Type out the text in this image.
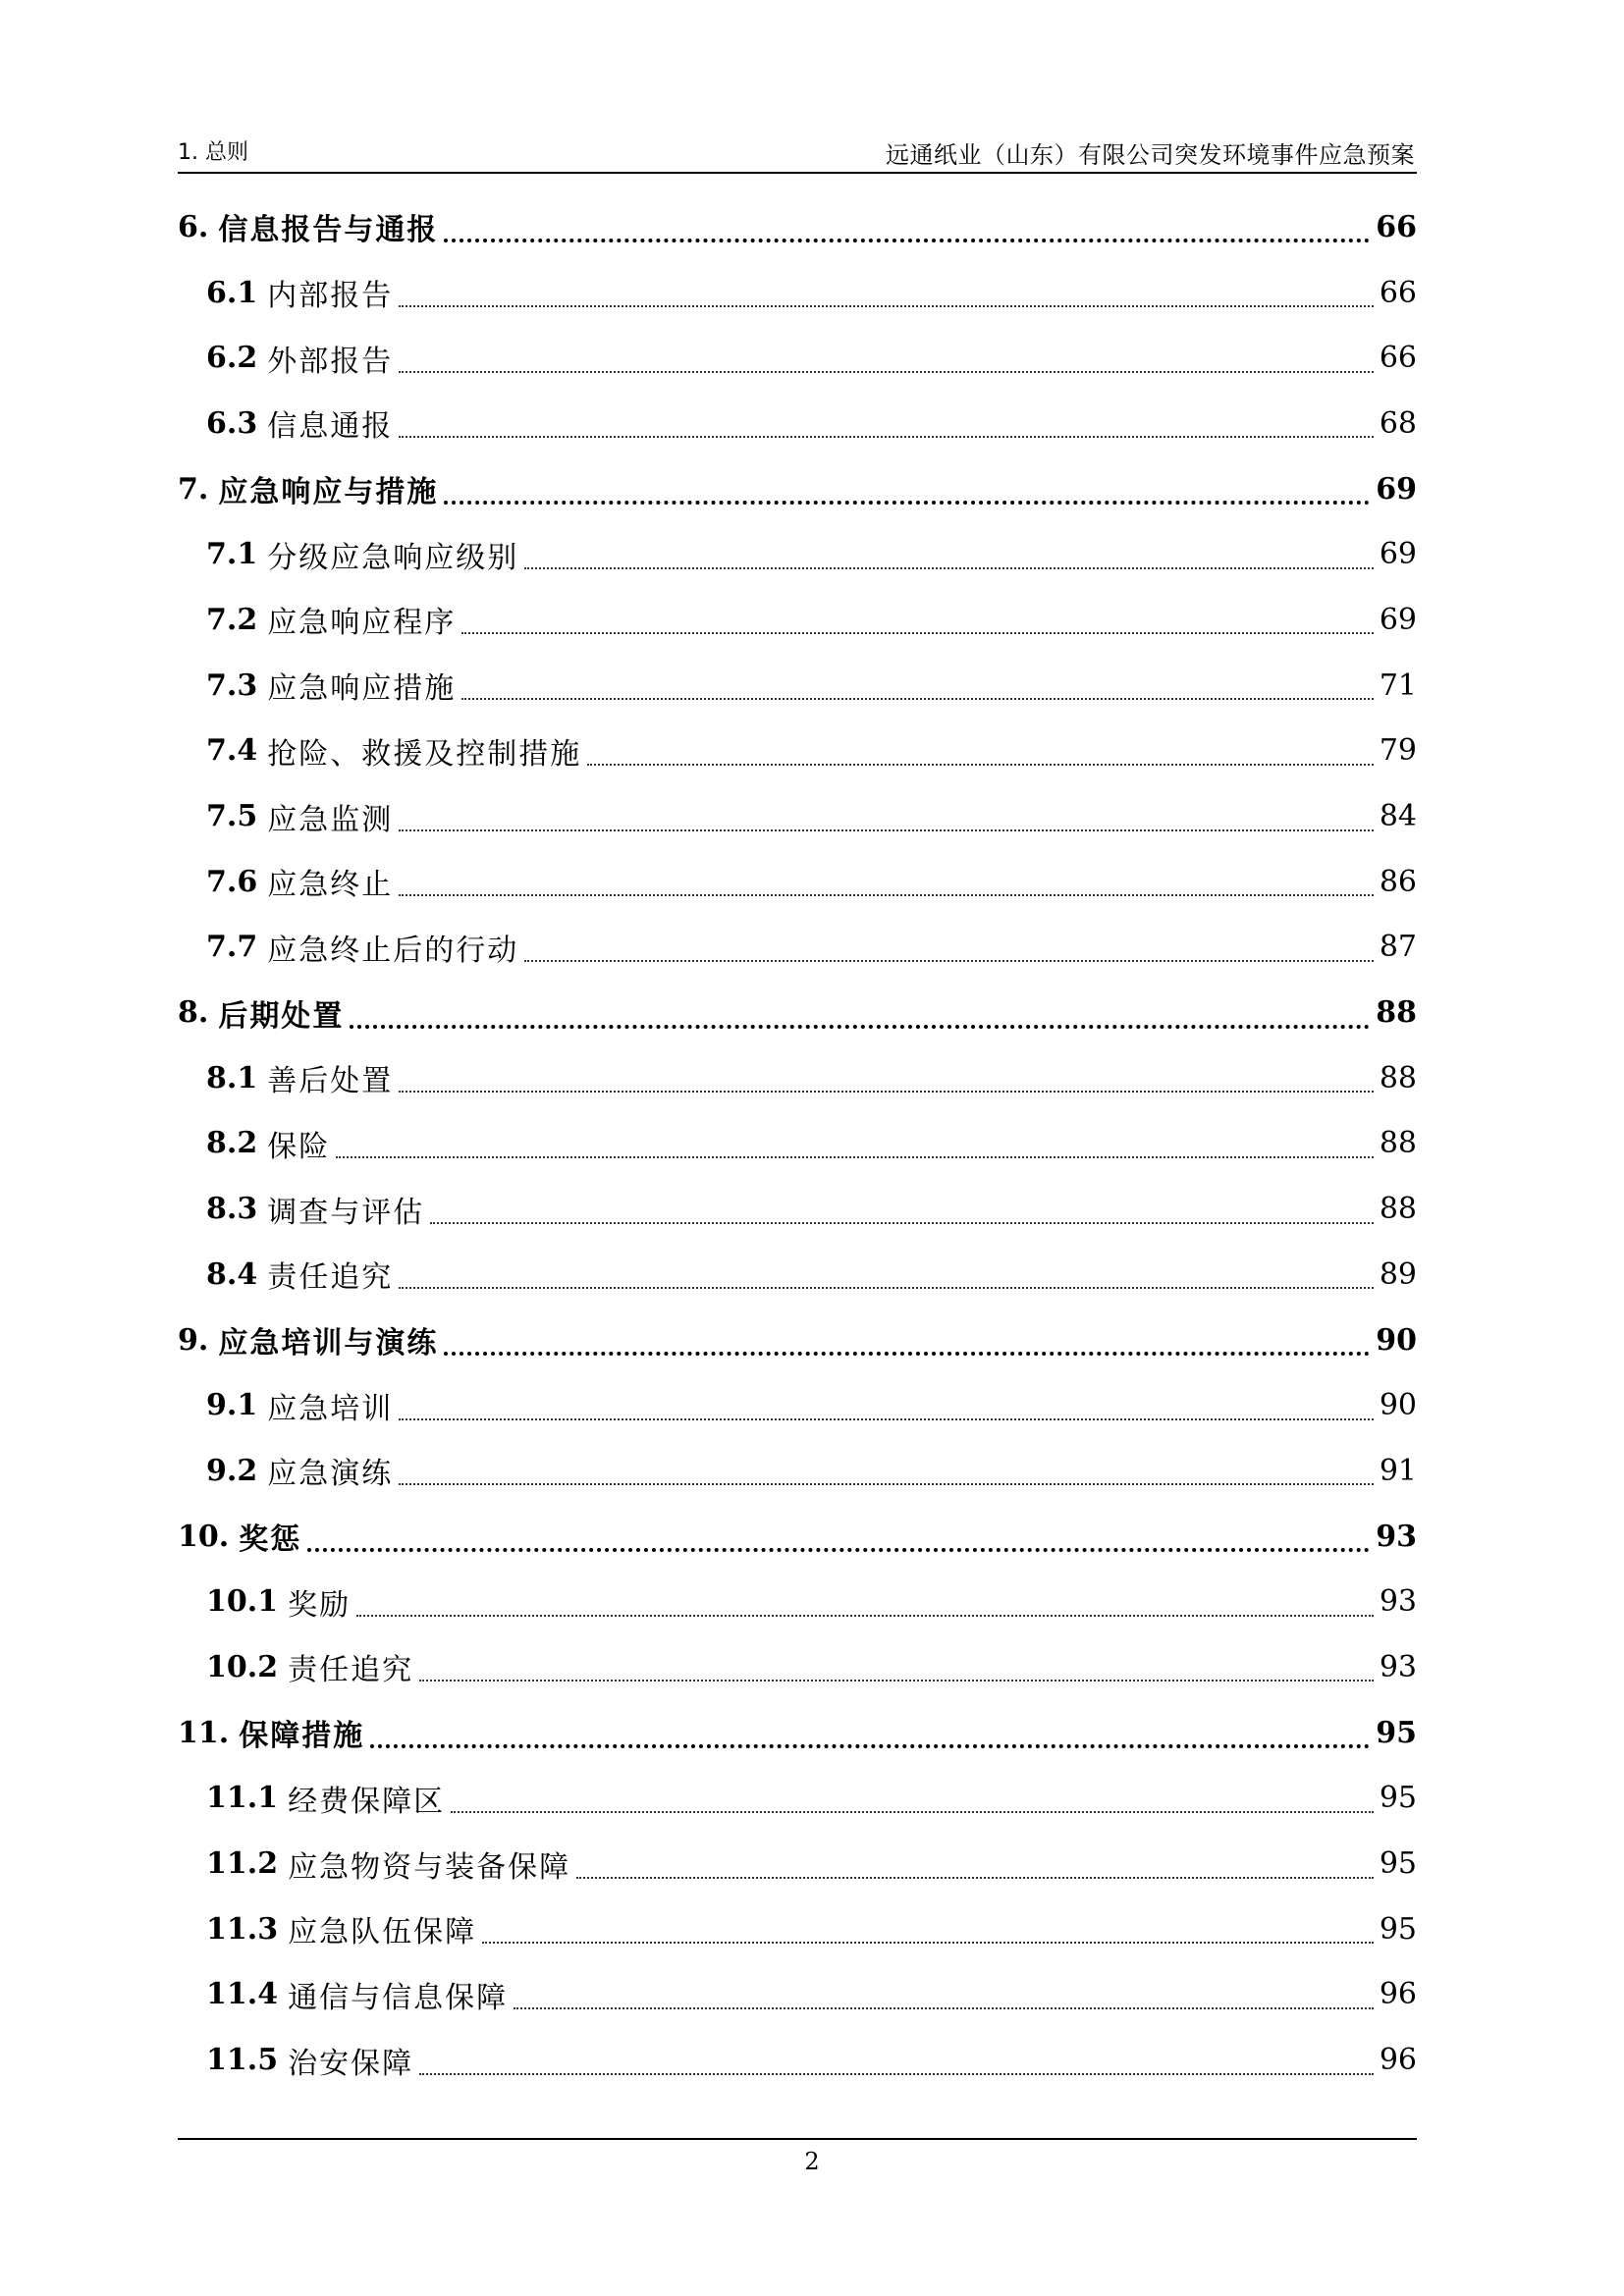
1. 总则	远通纸业（山东）有限公司突发环境事件应急预案
6. 信息报告与通报	66
6.1 内部报告	66
6.2 外部报告	66
6.3 信息通报	68
7. 应急响应与措施	69
7.1 分级应急响应级别	69
7.2 应急响应程序	69
7.3 应急响应措施	71
7.4 抢险、救援及控制措施	79
7.5 应急监测	84
7.6 应急终止	86
7.7 应急终止后的行动	87
8. 后期处置	88
8.1 善后处置	88
8.2 保险	88
8.3 调查与评估	88
8.4 责任追究	89
9. 应急培训与演练	90
9.1 应急培训	90
9.2 应急演练	91
10. 奖惩	93
10.1 奖励	93
10.2 责任追究	93
11. 保障措施	95
11.1 经费保障区	95
11.2 应急物资与装备保障	95
11.3 应急队伍保障	95
11.4 通信与信息保障	96
11.5 治安保障	96
2
